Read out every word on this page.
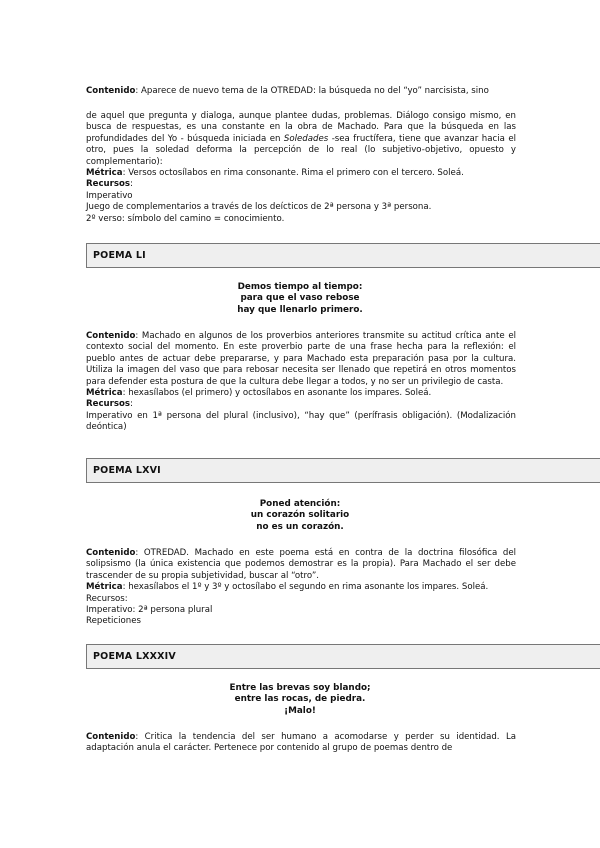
Contenido: Aparece de nuevo tema de la OTREDAD: la búsqueda no del “yo” narcisista, sino

de aquel que pregunta y dialoga, aunque plantee dudas, problemas. Diálogo consigo mismo, en busca de respuestas, es una constante en la obra de Machado. Para que la búsqueda en las profundidades del Yo - búsqueda iniciada en Soledades -sea fructífera, tiene que avanzar hacia el otro, pues la soledad deforma la percepción de lo real (lo subjetivo-objetivo, opuesto y complementario):

Métrica: Versos octosílabos en rima consonante. Rima el primero con el tercero. Soleá.

Recursos:

Imperativo

Juego de complementarios a través de los deícticos de 2ª persona y 3ª persona.

2º verso: símbolo del camino = conocimiento.

POEMA LI

Demos tiempo al tiempo:

para que el vaso rebose

hay que llenarlo primero.

Contenido: Machado en algunos de los proverbios anteriores transmite su actitud crítica ante el contexto social del momento. En este proverbio parte de una frase hecha para la reflexión: el pueblo antes de actuar debe prepararse, y para Machado esta preparación pasa por la cultura. Utiliza la imagen del vaso que para rebosar necesita ser llenado que repetirá en otros momentos para defender esta postura de que la cultura debe llegar a todos, y no ser un privilegio de casta.

Métrica: hexasílabos (el primero) y octosílabos en asonante los impares. Soleá.

Recursos:

Imperativo en 1ª persona del plural (inclusivo), “hay que” (perífrasis obligación). (Modalización deóntica)

POEMA LXVI

Poned atención:

un corazón solitario

no es un corazón.

Contenido: OTREDAD. Machado en este poema está en contra de la doctrina filosófica del solipsismo (la única existencia que podemos demostrar es la propia). Para Machado el ser debe trascender de su propia subjetividad, buscar al “otro”.

Métrica: hexasílabos el 1º y 3º y octosílabo el segundo en rima asonante los impares. Soleá.

Recursos:

Imperativo: 2ª persona plural

Repeticiones

POEMA LXXXIV

Entre las brevas soy blando;

entre las rocas, de piedra.

¡Malo!

Contenido: Critica la tendencia del ser humano a acomodarse y perder su identidad. La adaptación anula el carácter. Pertenece por contenido al grupo de poemas dentro de
